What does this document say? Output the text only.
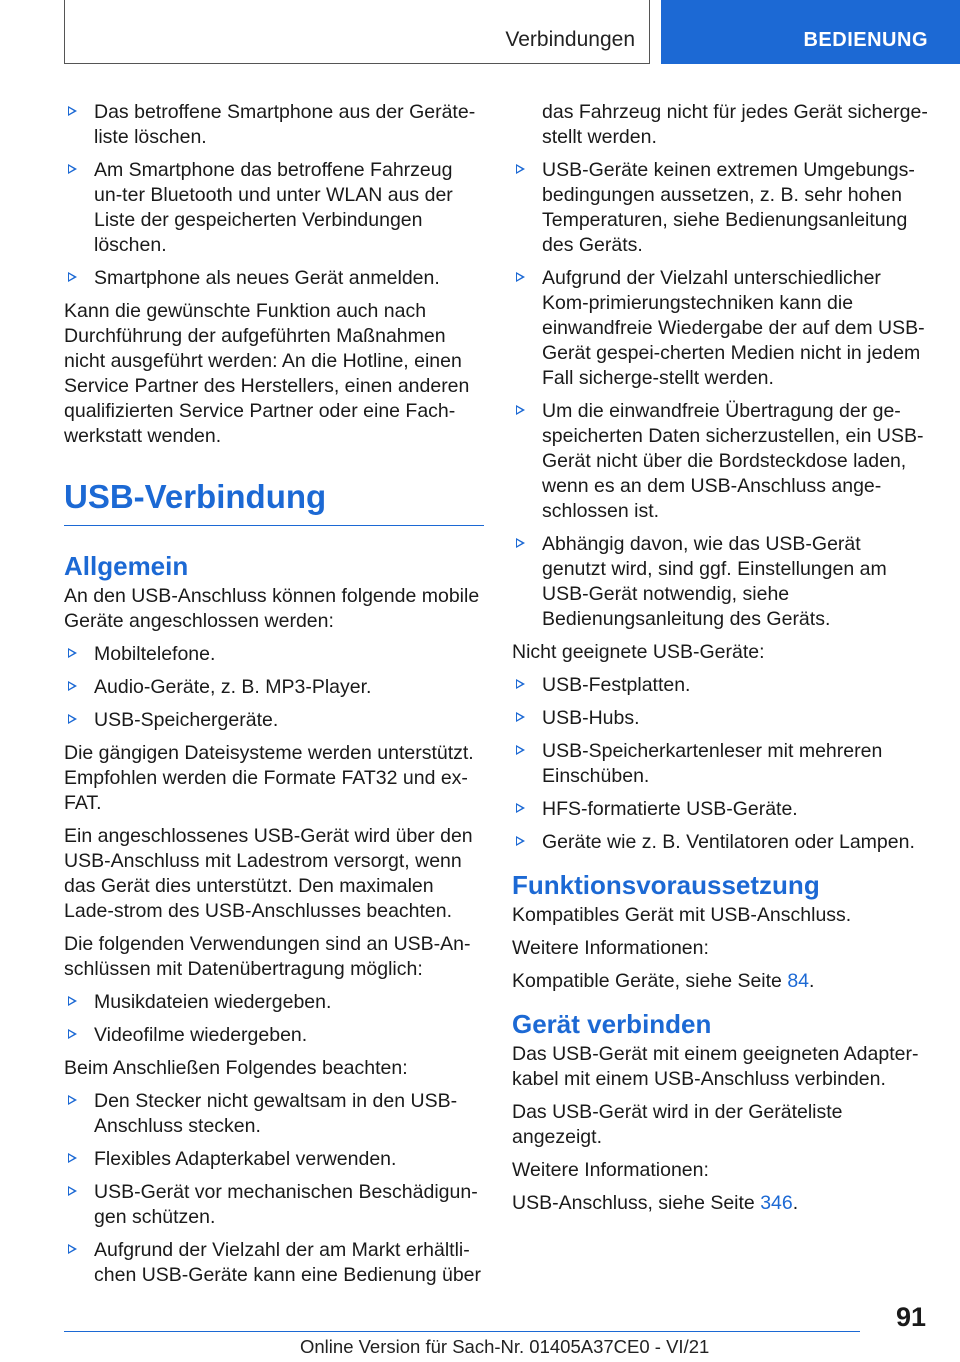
Verbindungen	BEDIENUNG
Das betroffene Smartphone aus der Geräte-liste löschen.
Am Smartphone das betroffene Fahrzeug un-ter Bluetooth und unter WLAN aus der Liste der gespeicherten Verbindungen löschen.
Smartphone als neues Gerät anmelden.

Kann die gewünschte Funktion auch nach Durchführung der aufgeführten Maßnahmen nicht ausgeführt werden: An die Hotline, einen Service Partner des Herstellers, einen anderen qualifizierten Service Partner oder eine Fach-werkstatt wenden.

USB-Verbindung
Allgemein

An den USB-Anschluss können folgende mobile Geräte angeschlossen werden:

Mobiltelefone.
Audio-Geräte, z. B. MP3-Player.
USB-Speichergeräte.

Die gängigen Dateisysteme werden unterstützt. Empfohlen werden die Formate FAT32 und ex-FAT.

Ein angeschlossenes USB-Gerät wird über den USB-Anschluss mit Ladestrom versorgt, wenn das Gerät dies unterstützt. Den maximalen Lade-strom des USB-Anschlusses beachten.

Die folgenden Verwendungen sind an USB-An-schlüssen mit Datenübertragung möglich:

Musikdateien wiedergeben.
Videofilme wiedergeben.

Beim Anschließen Folgendes beachten:

Den Stecker nicht gewaltsam in den USB-Anschluss stecken.
Flexibles Adapterkabel verwenden.
USB-Gerät vor mechanischen Beschädigun-gen schützen.
Aufgrund der Vielzahl der am Markt erhältli-chen USB-Geräte kann eine Bedienung über
das Fahrzeug nicht für jedes Gerät sicherge-stellt werden.
USB-Geräte keinen extremen Umgebungs-bedingungen aussetzen, z. B. sehr hohen Temperaturen, siehe Bedienungsanleitung des Geräts.
Aufgrund der Vielzahl unterschiedlicher Kom-primierungstechniken kann die einwandfreie Wiedergabe der auf dem USB-Gerät gespei-cherten Medien nicht in jedem Fall sicherge-stellt werden.
Um die einwandfreie Übertragung der ge-speicherten Daten sicherzustellen, ein USB-Gerät nicht über die Bordsteckdose laden, wenn es an dem USB-Anschluss ange-schlossen ist.
Abhängig davon, wie das USB-Gerät genutzt wird, sind ggf. Einstellungen am USB-Gerät notwendig, siehe Bedienungsanleitung des Geräts.

Nicht geeignete USB-Geräte:

USB-Festplatten.
USB-Hubs.
USB-Speicherkartenleser mit mehreren Einschüben.
HFS-formatierte USB-Geräte.
Geräte wie z. B. Ventilatoren oder Lampen.
Funktionsvoraussetzung

Kompatibles Gerät mit USB-Anschluss.

Weitere Informationen:

Kompatible Geräte, siehe Seite 84.

Gerät verbinden

Das USB-Gerät mit einem geeigneten Adapter-kabel mit einem USB-Anschluss verbinden.

Das USB-Gerät wird in der Geräteliste angezeigt.

Weitere Informationen:

USB-Anschluss, siehe Seite 346.

91
Online Version für Sach-Nr. 01405A37CE0 - VI/21
